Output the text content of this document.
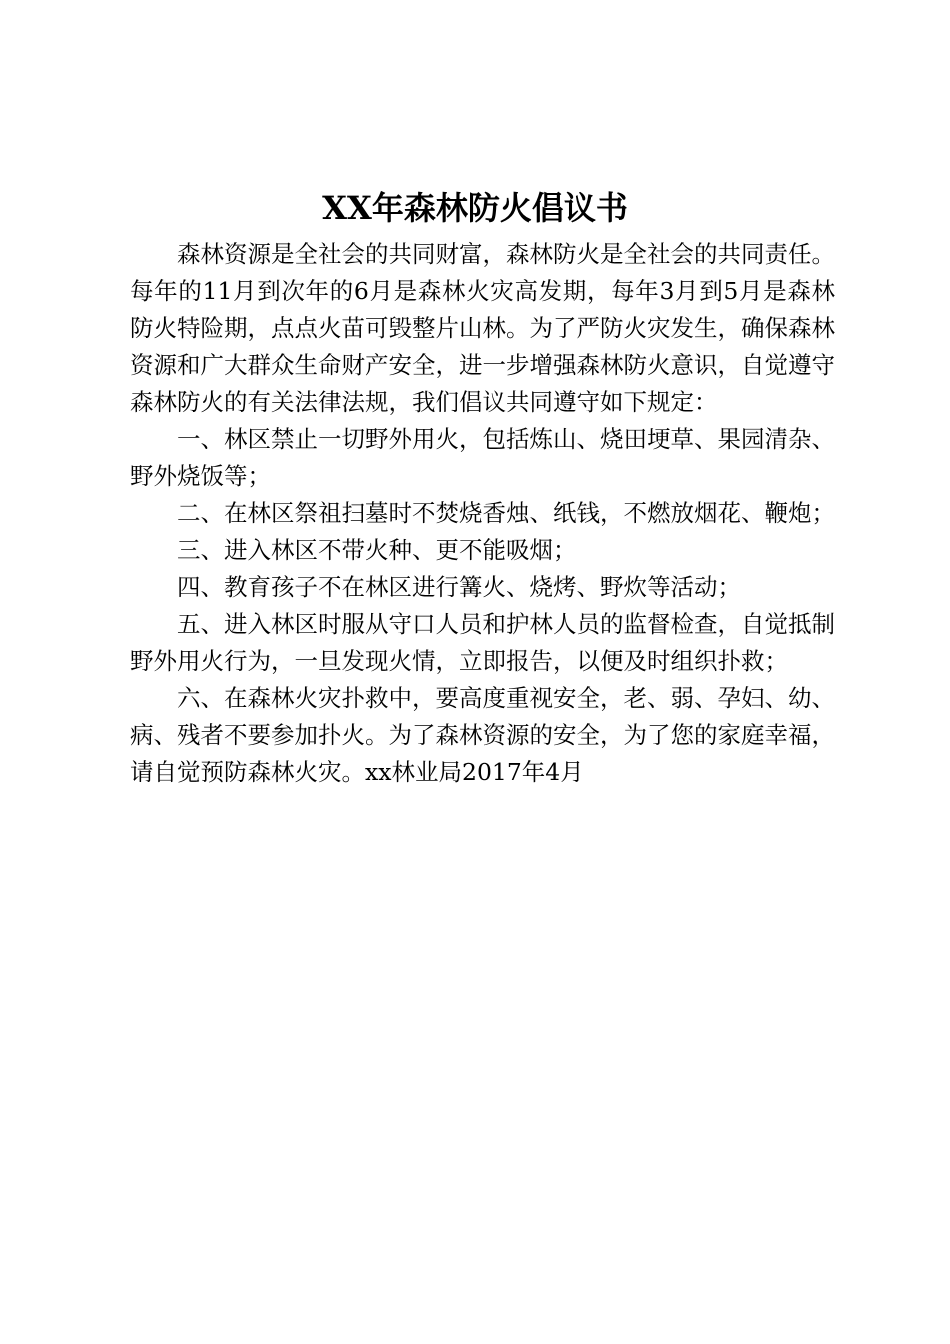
XX年森林防火倡议书

森林资源是全社会的共同财富，森林防火是全社会的共同责任。每年的11月到次年的6月是森林火灾高发期，每年3月到5月是森林防火特险期，点点火苗可毁整片山林。为了严防火灾发生，确保森林资源和广大群众生命财产安全，进一步增强森林防火意识，自觉遵守森林防火的有关法律法规，我们倡议共同遵守如下规定：

一、林区禁止一切野外用火，包括炼山、烧田埂草、果园清杂、野外烧饭等；

二、在林区祭祖扫墓时不焚烧香烛、纸钱，不燃放烟花、鞭炮；

三、进入林区不带火种、更不能吸烟；

四、教育孩子不在林区进行篝火、烧烤、野炊等活动；

五、进入林区时服从守口人员和护林人员的监督检查，自觉抵制野外用火行为，一旦发现火情，立即报告，以便及时组织扑救；

六、在森林火灾扑救中，要高度重视安全，老、弱、孕妇、幼、病、残者不要参加扑火。为了森林资源的安全，为了您的家庭幸福，请自觉预防森林火灾。xx林业局2017年4月
